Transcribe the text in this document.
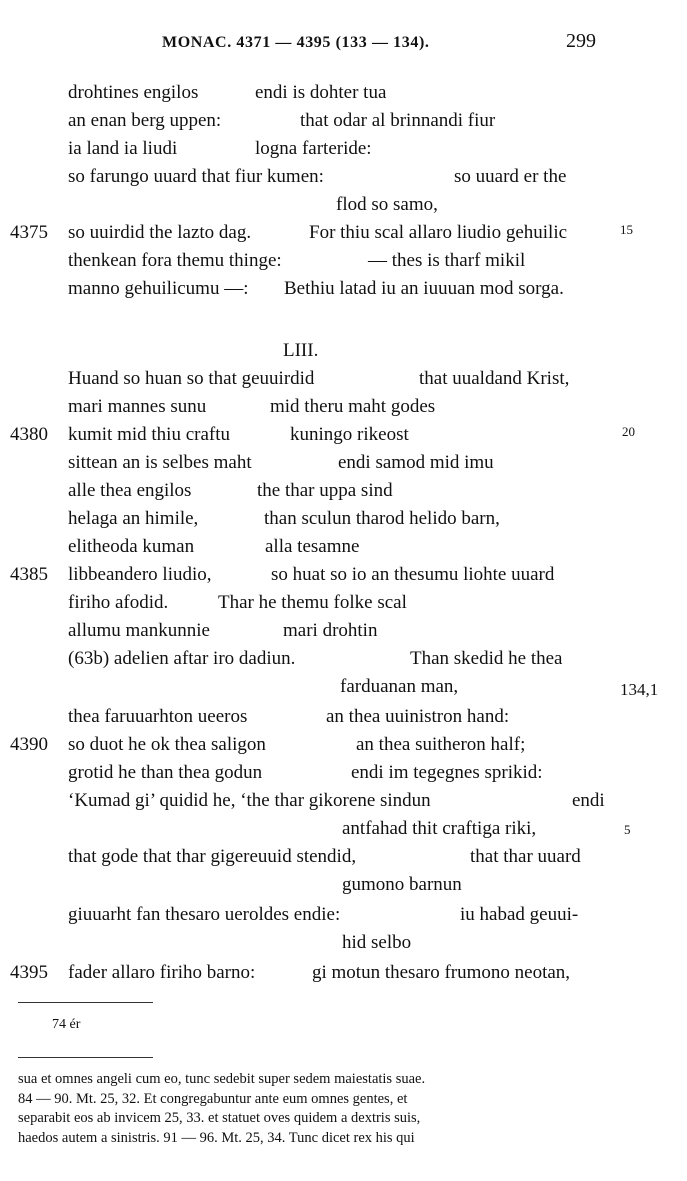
MONAC. 4371 — 4395 (133 — 134).	299
drohtines engilos	endi is dohter tua
an enan berg uppen:	that odar al brinnandi fiur
ia land ia liudi	logna farteride:
so farungo uuard that fiur kumen:	so uuard er the
flod so samo,
so uuirdid the lazto dag.	For thiu scal allaro liudio gehuilic
thenkean fora themu thinge:	— thes is tharf mikil
manno gehuilicumu —: Bethiu latad iu an iuuuan mod sorga.
LIII.
Huand so huan so that geuuirdid	that uualdand Krist,
mari mannes sunu	mid theru maht godes
kumit mid thiu craftu	kuningo rikeost
sittean an is selbes maht	endi samod mid imu
alle thea engilos	the thar uppa sind
helaga an himile,	than sculun tharod helido barn,
elitheoda kuman	alla tesamne
libbeandero liudio,	so huat so io an thesumu liohte uuard
firiho afodid.	Thar he themu folke scal
allumu mankunnie	mari drohtin
(63b) adelien aftar iro dadiun.	Than skedid he thea
farduanan man,
thea faruuarhton ueeros	an thea uuinistron hand:
so duot he ok thea saligon	an thea suitheron half;
grotid he than thea godun	endi im tegegnes sprikid:
‘Kumad gi’ quidid he, ‘the thar gikorene sindun	endi
antfahad thit craftiga riki,
that gode that thar gigereuuid stendid,	that thar uuard
gumono barnun
giuuarht fan thesaro ueroldes endie:	iu habad geuui-
hid selbo
fader allaro firiho barno:	gi motun thesaro frumono neotan,
4375
4380
4385
4390
4395
15
20
134,1
5
74 ér
sua et omnes angeli cum eo, tunc sedebit super sedem maiestatis suae.
84 — 90. Mt. 25, 32. Et congregabuntur ante eum omnes gentes, et
separabit eos ab invicem 25, 33. et statuet oves quidem a dextris suis,
haedos autem a sinistris. 91 — 96. Mt. 25, 34. Tunc dicet rex his qui
